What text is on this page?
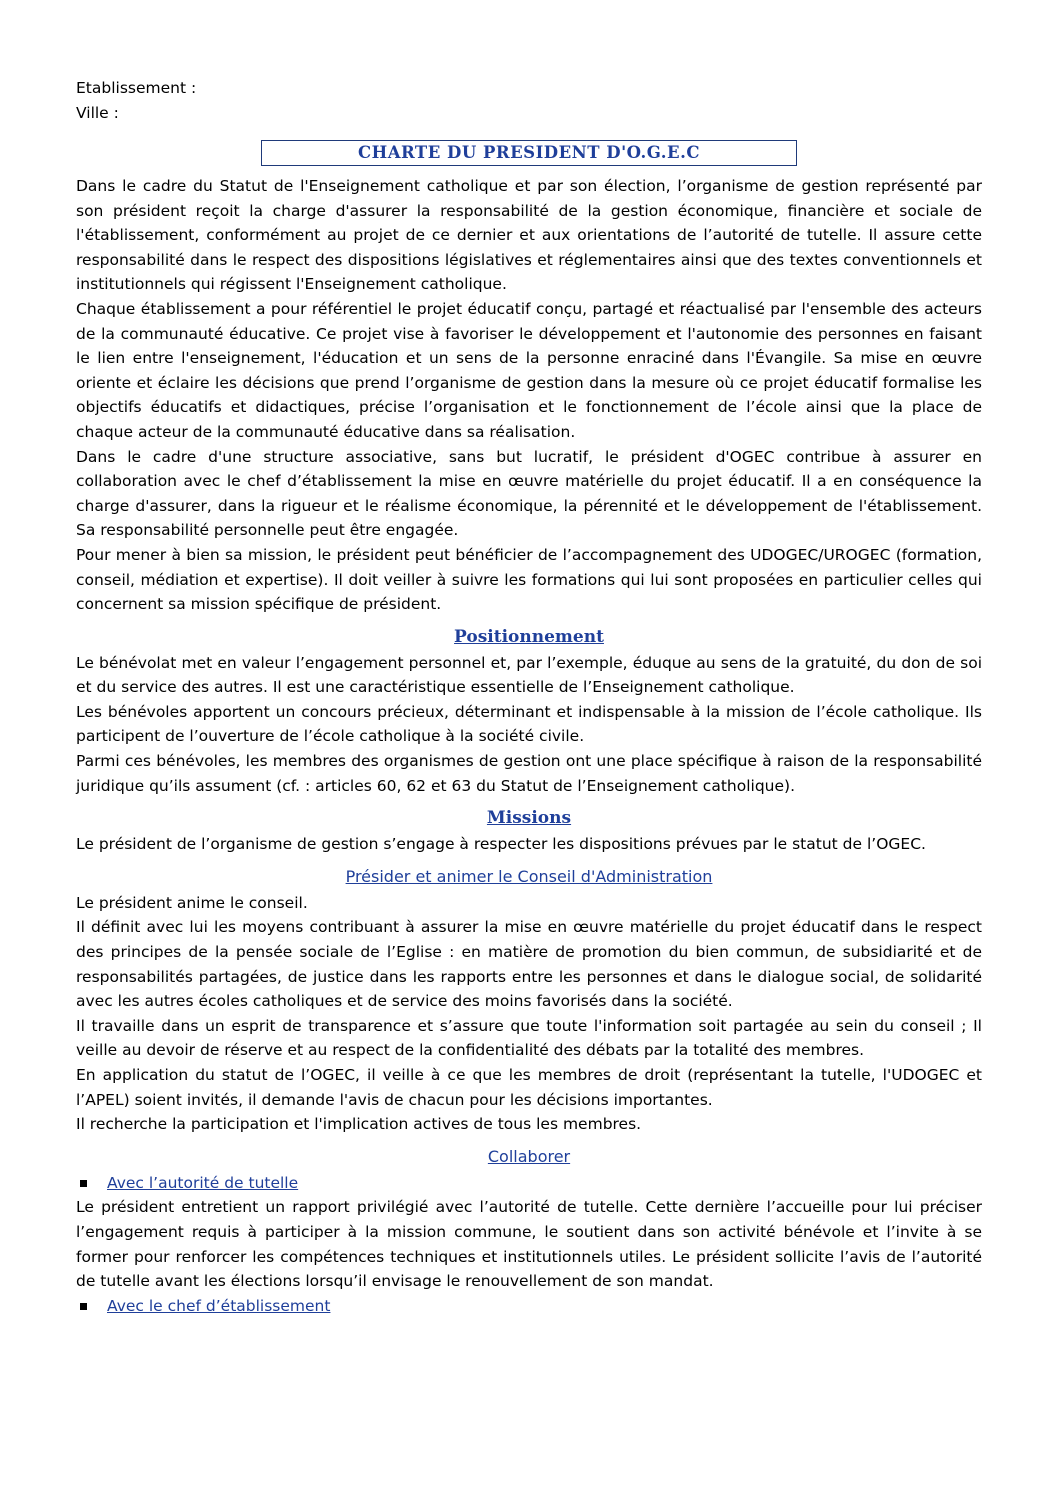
Etablissement :
Ville :
CHARTE DU PRESIDENT D'O.G.E.C

Dans le cadre du Statut de l'Enseignement catholique et par son élection, l’organisme de gestion représenté par son président reçoit la charge d'assurer la responsabilité de la gestion économique, financière et sociale de l'établissement, conformément au projet de ce dernier et aux orientations de l’autorité de tutelle. Il assure cette responsabilité dans le respect des dispositions législatives et réglementaires ainsi que des textes conventionnels et institutionnels qui régissent l'Enseignement catholique.

Chaque établissement a pour référentiel le projet éducatif conçu, partagé et réactualisé par l'ensemble des acteurs de la communauté éducative. Ce projet vise à favoriser le développement et l'autonomie des personnes en faisant le lien entre l'enseignement, l'éducation et un sens de la personne enraciné dans l'Évangile. Sa mise en œuvre oriente et éclaire les décisions que prend l’organisme de gestion dans la mesure où ce projet éducatif formalise les objectifs éducatifs et didactiques, précise l’organisation et le fonctionnement de l’école ainsi que la place de chaque acteur de la communauté éducative dans sa réalisation.

Dans le cadre d'une structure associative, sans but lucratif, le président d'OGEC contribue à assurer en collaboration avec le chef d’établissement la mise en œuvre matérielle du projet éducatif. Il a en conséquence la charge d'assurer, dans la rigueur et le réalisme économique, la pérennité et le développement de l'établissement. Sa responsabilité personnelle peut être engagée.

Pour mener à bien sa mission, le président peut bénéficier de l’accompagnement des UDOGEC/UROGEC (formation, conseil, médiation et expertise). Il doit veiller à suivre les formations qui lui sont proposées en particulier celles qui concernent sa mission spécifique de président.

Positionnement

Le bénévolat met en valeur l’engagement personnel et, par l’exemple, éduque au sens de la gratuité, du don de soi et du service des autres. Il est une caractéristique essentielle de l’Enseignement catholique.

Les bénévoles apportent un concours précieux, déterminant et indispensable à la mission de l’école catholique. Ils participent de l’ouverture de l’école catholique à la société civile.

Parmi ces bénévoles, les membres des organismes de gestion ont une place spécifique à raison de la responsabilité juridique qu’ils assument (cf. : articles 60, 62 et 63 du Statut de l’Enseignement catholique).

Missions

Le président de l’organisme de gestion s’engage à respecter les dispositions prévues par le statut de l’OGEC.

Présider et animer le Conseil d'Administration

Le président anime le conseil.

Il définit avec lui les moyens contribuant à assurer la mise en œuvre matérielle du projet éducatif dans le respect des principes de la pensée sociale de l’Eglise : en matière de promotion du bien commun, de subsidiarité et de responsabilités partagées, de justice dans les rapports entre les personnes et dans le dialogue social, de solidarité avec les autres écoles catholiques et de service des moins favorisés dans la société.

Il travaille dans un esprit de transparence et s’assure que toute l'information soit partagée au sein du conseil ; Il veille au devoir de réserve et au respect de la confidentialité des débats par la totalité des membres.

En application du statut de l’OGEC, il veille à ce que les membres de droit (représentant la tutelle, l'UDOGEC et l’APEL) soient invités, il demande l'avis de chacun pour les décisions importantes.

Il recherche la participation et l'implication actives de tous les membres.

Collaborer
Avec l’autorité de tutelle

Le président entretient un rapport privilégié avec l’autorité de tutelle. Cette dernière l’accueille pour lui préciser l’engagement requis à participer à la mission commune, le soutient dans son activité bénévole et l’invite à se former pour renforcer les compétences techniques et institutionnels utiles. Le président sollicite l’avis de l’autorité de tutelle avant les élections lorsqu’il envisage le renouvellement de son mandat.

Avec le chef d’établissement
